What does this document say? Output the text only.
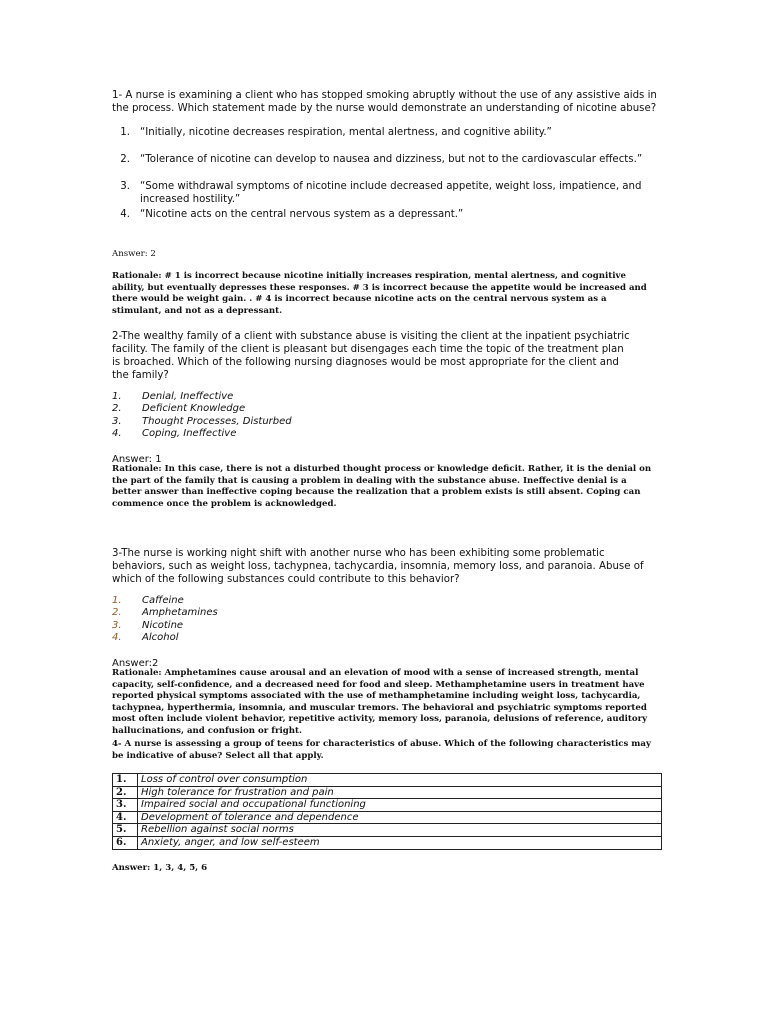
1- A nurse is examining a client who has stopped smoking abruptly without the use of any assistive aids in the process. Which statement made by the nurse would demonstrate an understanding of nicotine abuse?

1. “Initially, nicotine decreases respiration, mental alertness, and cognitive ability.”
2. “Tolerance of nicotine can develop to nausea and dizziness, but not to the cardiovascular effects.”
3. “Some withdrawal symptoms of nicotine include decreased appetite, weight loss, impatience, and increased hostility.”
4. “Nicotine acts on the central nervous system as a depressant.”

Answer: 2

Rationale: # 1 is incorrect because nicotine initially increases respiration, mental alertness, and cognitive ability, but eventually depresses these responses. # 3 is incorrect because the appetite would be increased and there would be weight gain. . # 4 is incorrect because nicotine acts on the central nervous system as a stimulant, and not as a depressant.

2-The wealthy family of a client with substance abuse is visiting the client at the inpatient psychiatric facility. The family of the client is pleasant but disengages each time the topic of the treatment plan is broached. Which of the following nursing diagnoses would be most appropriate for the client and the family?

1.	Denial, Ineffective
2.	Deficient Knowledge
3.	Thought Processes, Disturbed
4.	Coping, Ineffective

Answer: 1

Rationale: In this case, there is not a disturbed thought process or knowledge deficit. Rather, it is the denial on the part of the family that is causing a problem in dealing with the substance abuse. Ineffective denial is a better answer than ineffective coping because the realization that a problem exists is still absent. Coping can commence once the problem is acknowledged.

3-The nurse is working night shift with another nurse who has been exhibiting some problematic behaviors, such as weight loss, tachypnea, tachycardia, insomnia, memory loss, and paranoia. Abuse of which of the following substances could contribute to this behavior?

1.	Caffeine
2.	Amphetamines
3.	Nicotine
4.	Alcohol

Answer:2

Rationale: Amphetamines cause arousal and an elevation of mood with a sense of increased strength, mental capacity, self-confidence, and a decreased need for food and sleep. Methamphetamine users in treatment have reported physical symptoms associated with the use of methamphetamine including weight loss, tachycardia, tachypnea, hyperthermia, insomnia, and muscular tremors. The behavioral and psychiatric symptoms reported most often include violent behavior, repetitive activity, memory loss, paranoia, delusions of reference, auditory hallucinations, and confusion or fright.

4- A nurse is assessing a group of teens for characteristics of abuse. Which of the following characteristics may be indicative of abuse? Select all that apply.

1.	Loss of control over consumption
2.	High tolerance for frustration and pain
3.	Impaired social and occupational functioning
4.	Development of tolerance and dependence
5.	Rebellion against social norms
6.	Anxiety, anger, and low self-esteem

Answer: 1, 3, 4, 5, 6
